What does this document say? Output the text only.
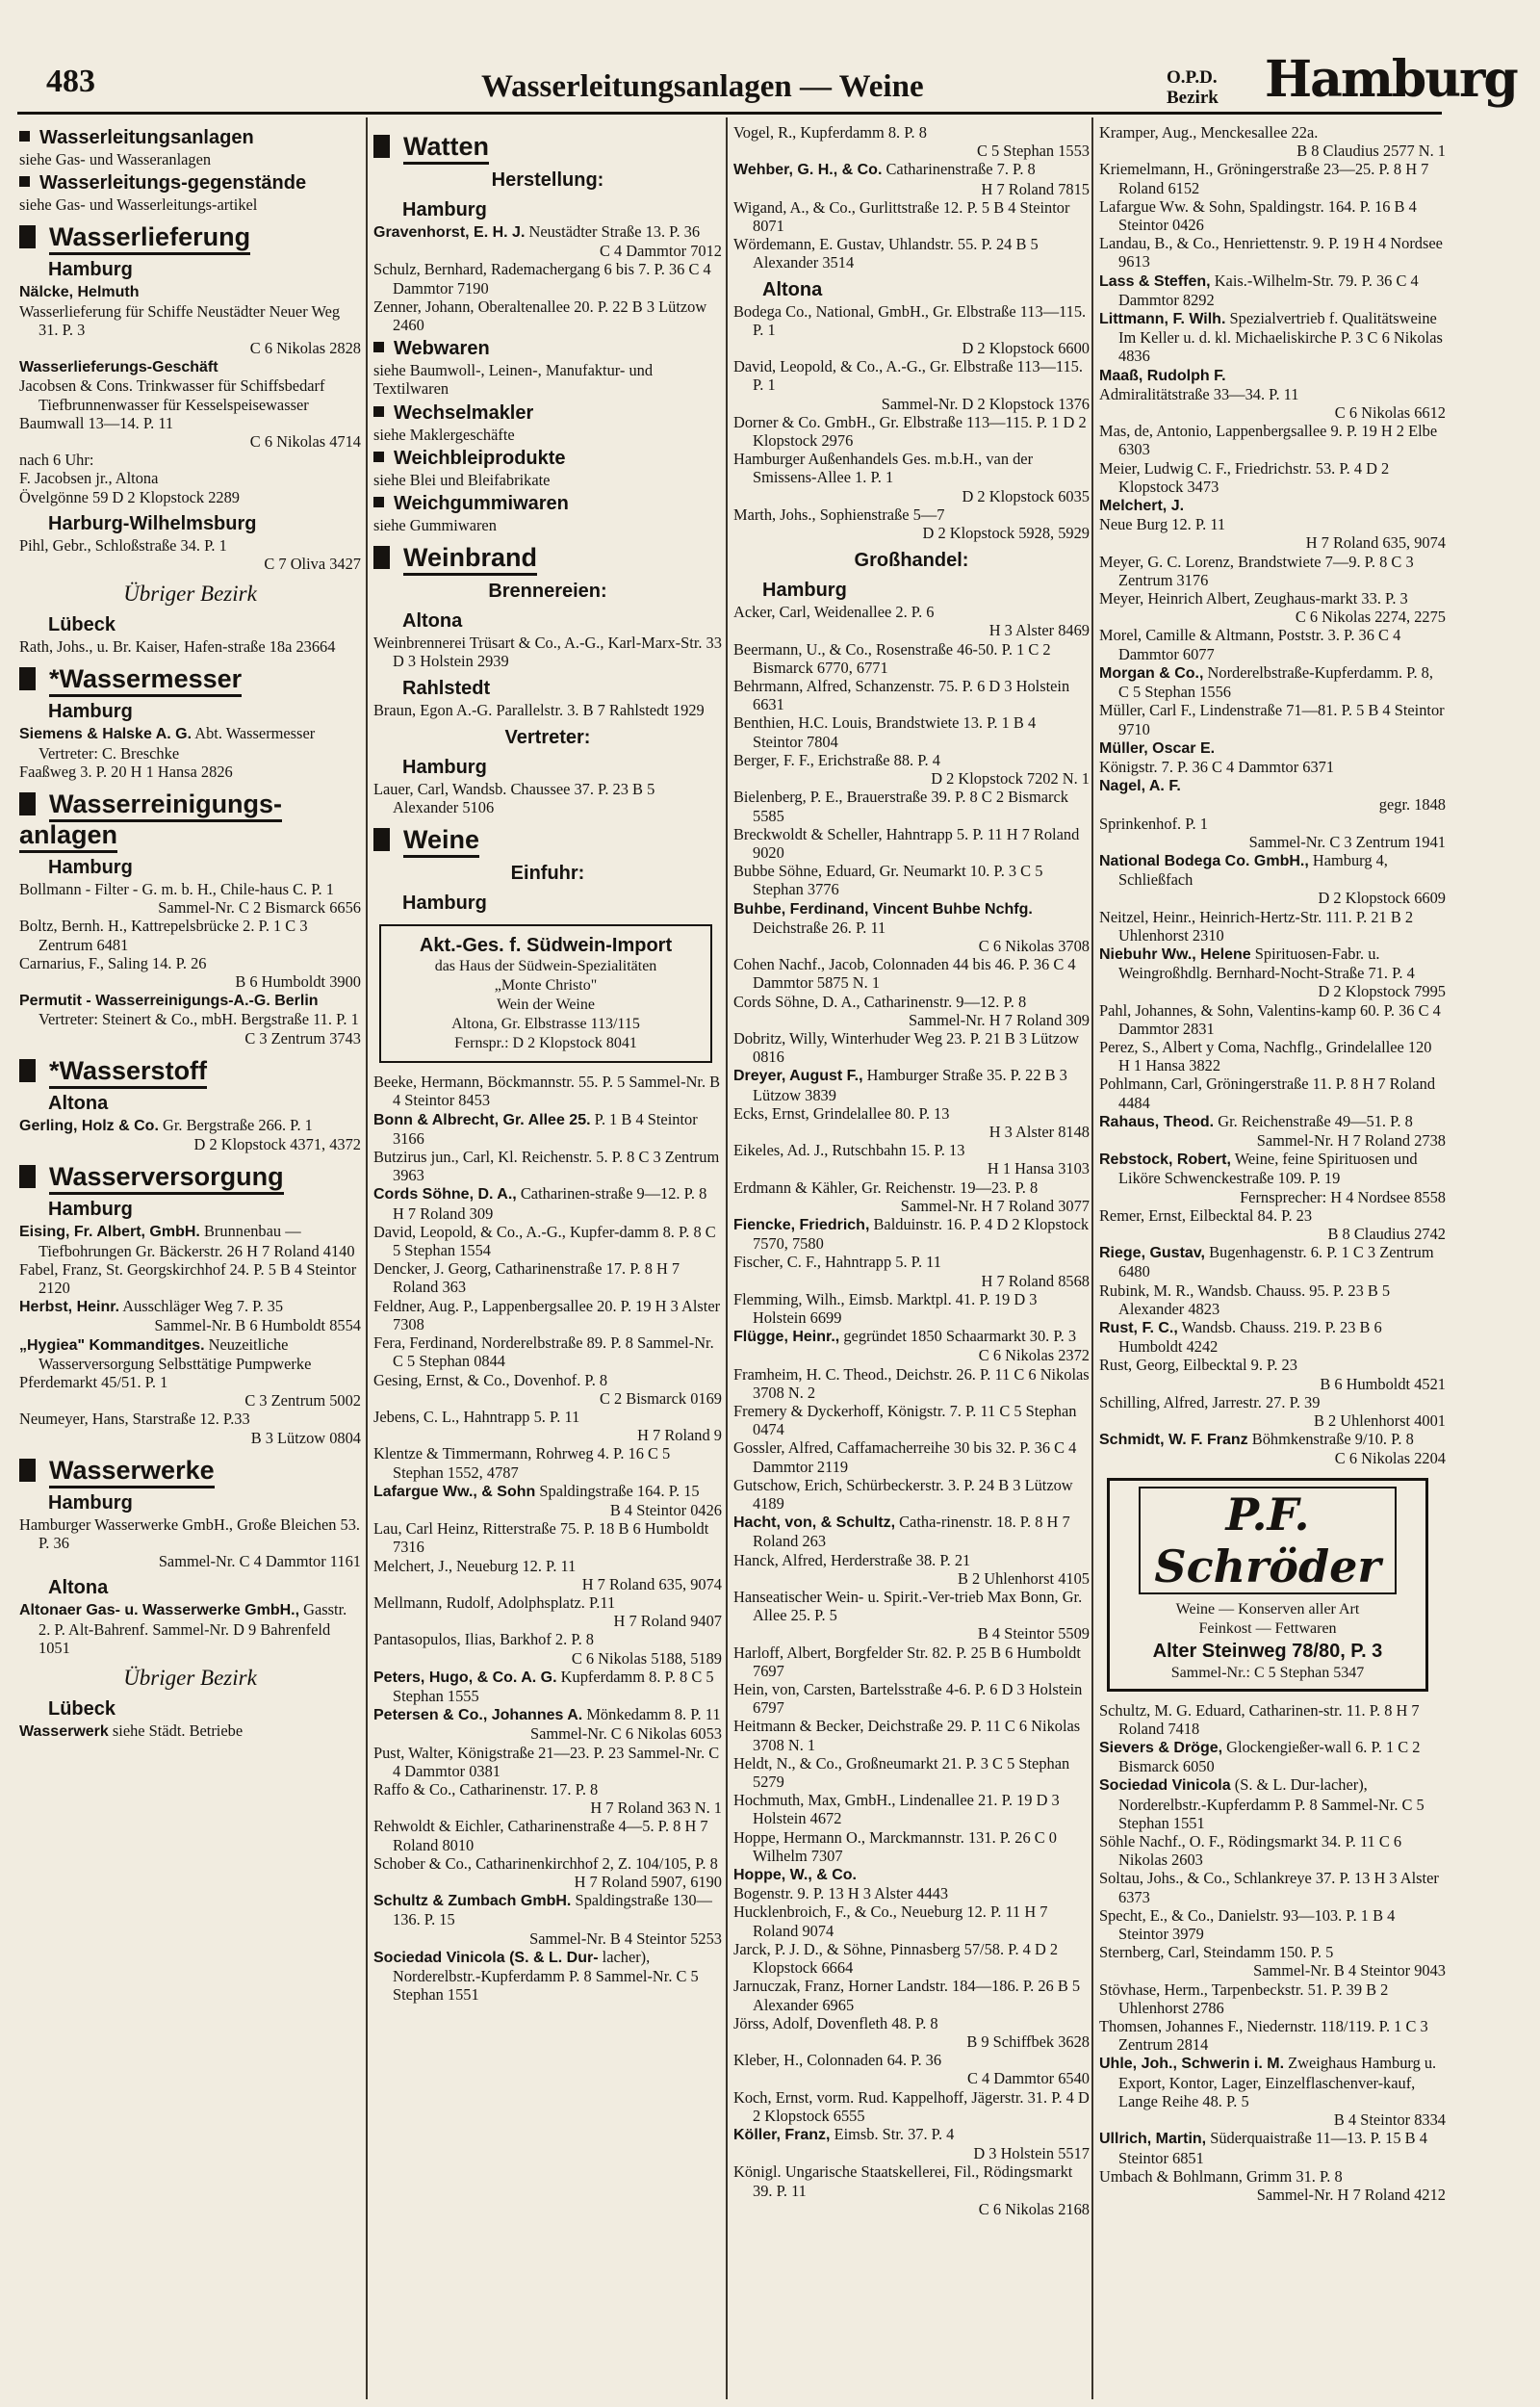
483	Wasserleitungsanlagen — Weine	O.P.D.
Bezirk Hamburg
Wasserleitungsanlagen
siehe Gas- und Wasseranlagen
Wasserleitungs-gegenstände
siehe Gas- und Wasserleitungs-artikel
Wasserlieferung
Hamburg
Nälcke, Helmuth
Wasserlieferung für Schiffe Neustädter Neuer Weg 31. P. 3
C 6 Nikolas 2828
Wasserlieferungs-Geschäft
Jacobsen & Cons. Trinkwasser für Schiffsbedarf Tiefbrunnenwasser für Kesselspeisewasser
Baumwall 13—14. P. 11
C 6 Nikolas 4714
nach 6 Uhr:
F. Jacobsen jr., Altona
Övelgönne 59 D 2 Klopstock 2289
Harburg-Wilhelmsburg
Pihl, Gebr., Schloßstraße 34. P. 1
C 7 Oliva 3427
Übriger Bezirk
Lübeck
Rath, Johs., u. Br. Kaiser, Hafen-straße 18a 23664
*Wassermesser
Hamburg
Siemens & Halske A. G. Abt. Wassermesser Vertreter: C. Breschke
Faaßweg 3. P. 20 H 1 Hansa 2826
Wasserreinigungs-anlagen
Hamburg
Bollmann - Filter - G. m. b. H., Chile-haus C. P. 1
Sammel-Nr. C 2 Bismarck 6656
Boltz, Bernh. H., Kattrepelsbrücke 2. P. 1 C 3 Zentrum 6481
Carnarius, F., Saling 14. P. 26
B 6 Humboldt 3900
Permutit - Wasserreinigungs-A.-G. Berlin Vertreter: Steinert & Co., mbH. Bergstraße 11. P. 1
C 3 Zentrum 3743
*Wasserstoff
Altona
Gerling, Holz & Co. Gr. Bergstraße 266. P. 1
D 2 Klopstock 4371, 4372
Wasserversorgung
Hamburg
Eising, Fr. Albert, GmbH. Brunnenbau — Tiefbohrungen Gr. Bäckerstr. 26 H 7 Roland 4140
Fabel, Franz, St. Georgskirchhof 24. P. 5 B 4 Steintor 2120
Herbst, Heinr. Ausschläger Weg 7. P. 35
Sammel-Nr. B 6 Humboldt 8554
„Hygiea" Kommanditges. Neuzeitliche Wasserversorgung Selbsttätige Pumpwerke
Pferdemarkt 45/51. P. 1
C 3 Zentrum 5002
Neumeyer, Hans, Starstraße 12. P.33
B 3 Lützow 0804
Wasserwerke
Hamburg
Hamburger Wasserwerke GmbH., Große Bleichen 53. P. 36
Sammel-Nr. C 4 Dammtor 1161
Altona
Altonaer Gas- u. Wasserwerke GmbH., Gasstr. 2. P. Alt-Bahrenf. Sammel-Nr. D 9 Bahrenfeld 1051
Übriger Bezirk
Lübeck
Wasserwerk siehe Städt. Betriebe
Watten
Herstellung:
Hamburg
Gravenhorst, E. H. J. Neustädter Straße 13. P. 36
C 4 Dammtor 7012
Schulz, Bernhard, Rademachergang 6 bis 7. P. 36 C 4 Dammtor 7190
Zenner, Johann, Oberaltenallee 20. P. 22 B 3 Lützow 2460
Webwaren
siehe Baumwoll-, Leinen-, Manufaktur- und Textilwaren
Wechselmakler
siehe Maklergeschäfte
Weichbleiprodukte
siehe Blei und Bleifabrikate
Weichgummiwaren
siehe Gummiwaren
Weinbrand
Brennereien:
Altona
Weinbrennerei Trüsart & Co., A.-G., Karl-Marx-Str. 33 D 3 Holstein 2939
Rahlstedt
Braun, Egon A.-G. Parallelstr. 3. B 7 Rahlstedt 1929
Vertreter:
Hamburg
Lauer, Carl, Wandsb. Chaussee 37. P. 23 B 5 Alexander 5106
Weine
Einfuhr:
Hamburg
Akt.-Ges. f. Südwein-Import
das Haus der Südwein-Spezialitäten
„Monte Christo"
Wein der Weine
Altona, Gr. Elbstrasse 113/115
Fernspr.: D 2 Klopstock 8041
Beeke, Hermann, Böckmannstr. 55. P. 5 Sammel-Nr. B 4 Steintor 8453
Bonn & Albrecht, Gr. Allee 25. P. 1 B 4 Steintor 3166
Butzirus jun., Carl, Kl. Reichenstr. 5. P. 8 C 3 Zentrum 3963
Cords Söhne, D. A., Catharinen-straße 9—12. P. 8 H 7 Roland 309
David, Leopold, & Co., A.-G., Kupfer-damm 8. P. 8 C 5 Stephan 1554
Dencker, J. Georg, Catharinenstraße 17. P. 8 H 7 Roland 363
Feldner, Aug. P., Lappenbergsallee 20. P. 19 H 3 Alster 7308
Fera, Ferdinand, Norderelbstraße 89. P. 8 Sammel-Nr. C 5 Stephan 0844
Gesing, Ernst, & Co., Dovenhof. P. 8
C 2 Bismarck 0169
Jebens, C. L., Hahntrapp 5. P. 11
H 7 Roland 9
Klentze & Timmermann, Rohrweg 4. P. 16 C 5 Stephan 1552, 4787
Lafargue Ww., & Sohn Spaldingstraße 164. P. 15
B 4 Steintor 0426
Lau, Carl Heinz, Ritterstraße 75. P. 18 B 6 Humboldt 7316
Melchert, J., Neueburg 12. P. 11
H 7 Roland 635, 9074
Mellmann, Rudolf, Adolphsplatz. P.11
H 7 Roland 9407
Pantasopulos, Ilias, Barkhof 2. P. 8
C 6 Nikolas 5188, 5189
Peters, Hugo, & Co. A. G. Kupferdamm 8. P. 8 C 5 Stephan 1555
Petersen & Co., Johannes A. Mönkedamm 8. P. 11
Sammel-Nr. C 6 Nikolas 6053
Pust, Walter, Königstraße 21—23. P. 23 Sammel-Nr. C 4 Dammtor 0381
Raffo & Co., Catharinenstr. 17. P. 8
H 7 Roland 363 N. 1
Rehwoldt & Eichler, Catharinenstraße 4—5. P. 8 H 7 Roland 8010
Schober & Co., Catharinenkirchhof 2, Z. 104/105, P. 8
H 7 Roland 5907, 6190
Schultz & Zumbach GmbH. Spaldingstraße 130—136. P. 15
Sammel-Nr. B 4 Steintor 5253
Sociedad Vinicola (S. & L. Dur- lacher), Norderelbstr.-Kupferdamm P. 8 Sammel-Nr. C 5 Stephan 1551
Vogel, R., Kupferdamm 8. P. 8
C 5 Stephan 1553
Wehber, G. H., & Co. Catharinenstraße 7. P. 8
H 7 Roland 7815
Wigand, A., & Co., Gurlittstraße 12. P. 5 B 4 Steintor 8071
Wördemann, E. Gustav, Uhlandstr. 55. P. 24 B 5 Alexander 3514
Altona
Bodega Co., National, GmbH., Gr. Elbstraße 113—115. P. 1
D 2 Klopstock 6600
David, Leopold, & Co., A.-G., Gr. Elbstraße 113—115. P. 1
Sammel-Nr. D 2 Klopstock 1376
Dorner & Co. GmbH., Gr. Elbstraße 113—115. P. 1 D 2 Klopstock 2976
Hamburger Außenhandels Ges. m.b.H., van der Smissens-Allee 1. P. 1
D 2 Klopstock 6035
Marth, Johs., Sophienstraße 5—7
D 2 Klopstock 5928, 5929
Großhandel:
Hamburg
Acker, Carl, Weidenallee 2. P. 6
H 3 Alster 8469
Beermann, U., & Co., Rosenstraße 46-50. P. 1 C 2 Bismarck 6770, 6771
Behrmann, Alfred, Schanzenstr. 75. P. 6 D 3 Holstein 6631
Benthien, H.C. Louis, Brandstwiete 13. P. 1 B 4 Steintor 7804
Berger, F. F., Erichstraße 88. P. 4
D 2 Klopstock 7202 N. 1
Bielenberg, P. E., Brauerstraße 39. P. 8 C 2 Bismarck 5585
Breckwoldt & Scheller, Hahntrapp 5. P. 11 H 7 Roland 9020
Bubbe Söhne, Eduard, Gr. Neumarkt 10. P. 3 C 5 Stephan 3776
Buhbe, Ferdinand, Vincent Buhbe Nchfg. Deichstraße 26. P. 11
C 6 Nikolas 3708
Cohen Nachf., Jacob, Colonnaden 44 bis 46. P. 36 C 4 Dammtor 5875 N. 1
Cords Söhne, D. A., Catharinenstr. 9—12. P. 8
Sammel-Nr. H 7 Roland 309
Dobritz, Willy, Winterhuder Weg 23. P. 21 B 3 Lützow 0816
Dreyer, August F., Hamburger Straße 35. P. 22 B 3 Lützow 3839
Ecks, Ernst, Grindelallee 80. P. 13
H 3 Alster 8148
Eikeles, Ad. J., Rutschbahn 15. P. 13
H 1 Hansa 3103
Erdmann & Kähler, Gr. Reichenstr. 19—23. P. 8
Sammel-Nr. H 7 Roland 3077
Fiencke, Friedrich, Balduinstr. 16. P. 4 D 2 Klopstock 7570, 7580
Fischer, C. F., Hahntrapp 5. P. 11
H 7 Roland 8568
Flemming, Wilh., Eimsb. Marktpl. 41. P. 19 D 3 Holstein 6699
Flügge, Heinr., gegründet 1850 Schaarmarkt 30. P. 3
C 6 Nikolas 2372
Framheim, H. C. Theod., Deichstr. 26. P. 11 C 6 Nikolas 3708 N. 2
Fremery & Dyckerhoff, Königstr. 7. P. 11 C 5 Stephan 0474
Gossler, Alfred, Caffamacherreihe 30 bis 32. P. 36 C 4 Dammtor 2119
Gutschow, Erich, Schürbeckerstr. 3. P. 24 B 3 Lützow 4189
Hacht, von, & Schultz, Catha-rinenstr. 18. P. 8 H 7 Roland 263
Hanck, Alfred, Herderstraße 38. P. 21
B 2 Uhlenhorst 4105
Hanseatischer Wein- u. Spirit.-Ver-trieb Max Bonn, Gr. Allee 25. P. 5
B 4 Steintor 5509
Harloff, Albert, Borgfelder Str. 82. P. 25 B 6 Humboldt 7697
Hein, von, Carsten, Bartelsstraße 4-6. P. 6 D 3 Holstein 6797
Heitmann & Becker, Deichstraße 29. P. 11 C 6 Nikolas 3708 N. 1
Heldt, N., & Co., Großneumarkt 21. P. 3 C 5 Stephan 5279
Hochmuth, Max, GmbH., Lindenallee 21. P. 19 D 3 Holstein 4672
Hoppe, Hermann O., Marckmannstr. 131. P. 26 C 0 Wilhelm 7307
Hoppe, W., & Co.
Bogenstr. 9. P. 13 H 3 Alster 4443
Hucklenbroich, F., & Co., Neueburg 12. P. 11 H 7 Roland 9074
Jarck, P. J. D., & Söhne, Pinnasberg 57/58. P. 4 D 2 Klopstock 6664
Jarnuczak, Franz, Horner Landstr. 184—186. P. 26 B 5 Alexander 6965
Jörss, Adolf, Dovenfleth 48. P. 8
B 9 Schiffbek 3628
Kleber, H., Colonnaden 64. P. 36
C 4 Dammtor 6540
Koch, Ernst, vorm. Rud. Kappelhoff, Jägerstr. 31. P. 4 D 2 Klopstock 6555
Köller, Franz, Eimsb. Str. 37. P. 4
D 3 Holstein 5517
Königl. Ungarische Staatskellerei, Fil., Rödingsmarkt 39. P. 11
C 6 Nikolas 2168
Kramper, Aug., Menckesallee 22a.
B 8 Claudius 2577 N. 1
Kriemelmann, H., Gröningerstraße 23—25. P. 8 H 7 Roland 6152
Lafargue Ww. & Sohn, Spaldingstr. 164. P. 16 B 4 Steintor 0426
Landau, B., & Co., Henriettenstr. 9. P. 19 H 4 Nordsee 9613
Lass & Steffen, Kais.-Wilhelm-Str. 79. P. 36 C 4 Dammtor 8292
Littmann, F. Wilh. Spezialvertrieb f. Qualitätsweine Im Keller u. d. kl. Michaeliskirche P. 3 C 6 Nikolas 4836
Maaß, Rudolph F.
Admiralitätstraße 33—34. P. 11
C 6 Nikolas 6612
Mas, de, Antonio, Lappenbergsallee 9. P. 19 H 2 Elbe 6303
Meier, Ludwig C. F., Friedrichstr. 53. P. 4 D 2 Klopstock 3473
Melchert, J.
Neue Burg 12. P. 11
H 7 Roland 635, 9074
Meyer, G. C. Lorenz, Brandstwiete 7—9. P. 8 C 3 Zentrum 3176
Meyer, Heinrich Albert, Zeughaus-markt 33. P. 3
C 6 Nikolas 2274, 2275
Morel, Camille & Altmann, Poststr. 3. P. 36 C 4 Dammtor 6077
Morgan & Co., Norderelbstraße-Kupferdamm. P. 8, C 5 Stephan 1556
Müller, Carl F., Lindenstraße 71—81. P. 5 B 4 Steintor 9710
Müller, Oscar E.
Königstr. 7. P. 36 C 4 Dammtor 6371
Nagel, A. F.
gegr. 1848
Sprinkenhof. P. 1
Sammel-Nr. C 3 Zentrum 1941
National Bodega Co. GmbH., Hamburg 4, Schließfach
D 2 Klopstock 6609
Neitzel, Heinr., Heinrich-Hertz-Str. 111. P. 21 B 2 Uhlenhorst 2310
Niebuhr Ww., Helene Spirituosen-Fabr. u. Weingroßhdlg. Bernhard-Nocht-Straße 71. P. 4
D 2 Klopstock 7995
Pahl, Johannes, & Sohn, Valentins-kamp 60. P. 36 C 4 Dammtor 2831
Perez, S., Albert y Coma, Nachflg., Grindelallee 120 H 1 Hansa 3822
Pohlmann, Carl, Gröningerstraße 11. P. 8 H 7 Roland 4484
Rahaus, Theod. Gr. Reichenstraße 49—51. P. 8
Sammel-Nr. H 7 Roland 2738
Rebstock, Robert, Weine, feine Spirituosen und Liköre Schwenckestraße 109. P. 19
Fernsprecher: H 4 Nordsee 8558
Remer, Ernst, Eilbecktal 84. P. 23
B 8 Claudius 2742
Riege, Gustav, Bugenhagenstr. 6. P. 1 C 3 Zentrum 6480
Rubink, M. R., Wandsb. Chauss. 95. P. 23 B 5 Alexander 4823
Rust, F. C., Wandsb. Chauss. 219. P. 23 B 6 Humboldt 4242
Rust, Georg, Eilbecktal 9. P. 23
B 6 Humboldt 4521
Schilling, Alfred, Jarrestr. 27. P. 39
B 2 Uhlenhorst 4001
Schmidt, W. F. Franz Böhmkenstraße 9/10. P. 8
C 6 Nikolas 2204
P.F. Schröder
Weine — Konserven aller Art
Feinkost — Fettwaren
Alter Steinweg 78/80, P. 3
Sammel-Nr.: C 5 Stephan 5347
Schultz, M. G. Eduard, Catharinen-str. 11. P. 8 H 7 Roland 7418
Sievers & Dröge, Glockengießer-wall 6. P. 1 C 2 Bismarck 6050
Sociedad Vinicola (S. & L. Dur-lacher), Norderelbstr.-Kupferdamm P. 8 Sammel-Nr. C 5 Stephan 1551
Söhle Nachf., O. F., Rödingsmarkt 34. P. 11 C 6 Nikolas 2603
Soltau, Johs., & Co., Schlankreye 37. P. 13 H 3 Alster 6373
Specht, E., & Co., Danielstr. 93—103. P. 1 B 4 Steintor 3979
Sternberg, Carl, Steindamm 150. P. 5
Sammel-Nr. B 4 Steintor 9043
Stövhase, Herm., Tarpenbeckstr. 51. P. 39 B 2 Uhlenhorst 2786
Thomsen, Johannes F., Niedernstr. 118/119. P. 1 C 3 Zentrum 2814
Uhle, Joh., Schwerin i. M. Zweighaus Hamburg u. Export, Kontor, Lager, Einzelflaschenver-kauf, Lange Reihe 48. P. 5
B 4 Steintor 8334
Ullrich, Martin, Süderquaistraße 11—13. P. 15 B 4 Steintor 6851
Umbach & Bohlmann, Grimm 31. P. 8
Sammel-Nr. H 7 Roland 4212
